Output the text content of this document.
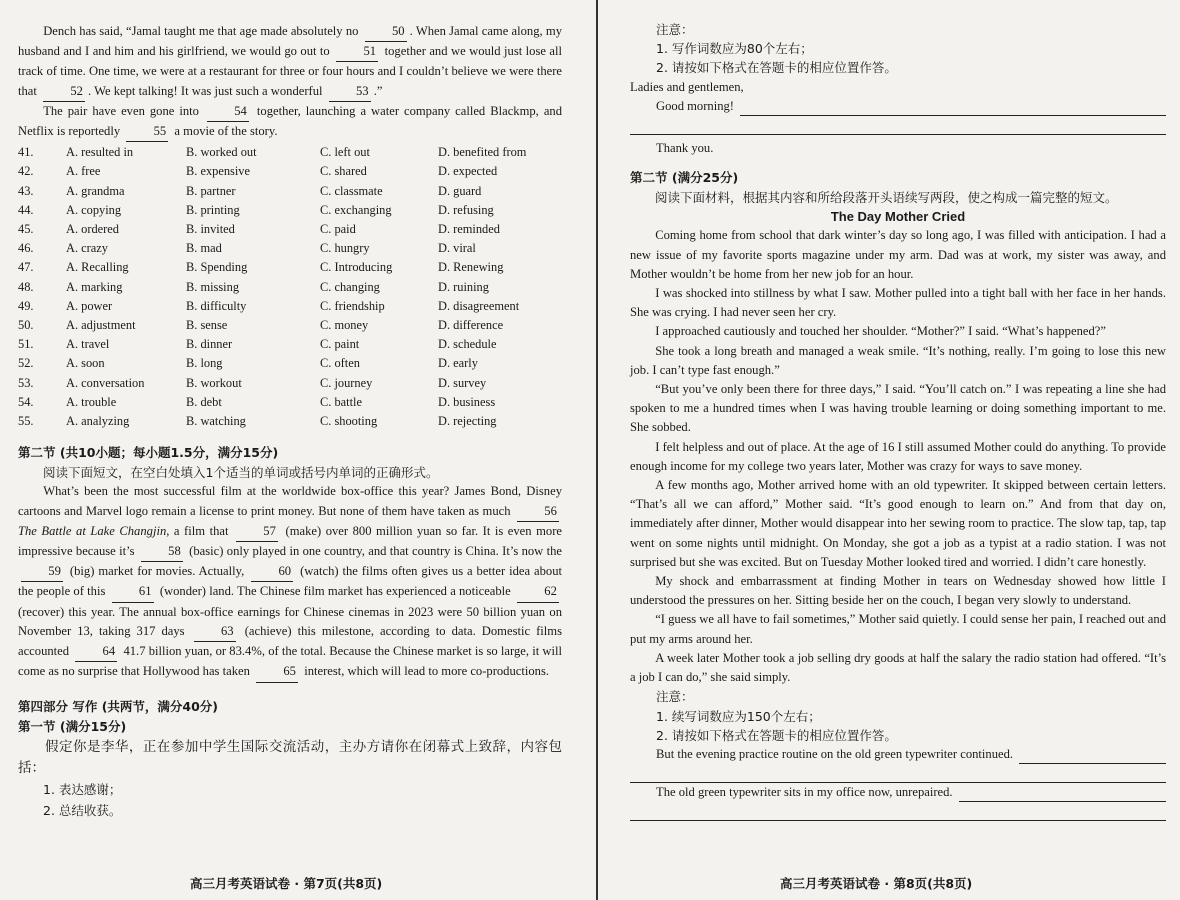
Dench has said, “Jamal taught me that age made absolutely no 50 . When Jamal came along, my husband and I and him and his girlfriend, we would go out to 51 together and we would just lose all track of time. One time, we were at a restaurant for three or four hours and I couldn’t believe we were there that 52 . We kept talking! It was just such a wonderful 53 .”

The pair have even gone into 54 together, launching a water company called Blackmp, and Netflix is reportedly 55 a movie of the story.

41.	A. resulted in	B. worked out	C. left out	D. benefited from
42.	A. free	B. expensive	C. shared	D. expected
43.	A. grandma	B. partner	C. classmate	D. guard
44.	A. copying	B. printing	C. exchanging	D. refusing
45.	A. ordered	B. invited	C. paid	D. reminded
46.	A. crazy	B. mad	C. hungry	D. viral
47.	A. Recalling	B. Spending	C. Introducing	D. Renewing
48.	A. marking	B. missing	C. changing	D. ruining
49.	A. power	B. difficulty	C. friendship	D. disagreement
50.	A. adjustment	B. sense	C. money	D. difference
51.	A. travel	B. dinner	C. paint	D. schedule
52.	A. soon	B. long	C. often	D. early
53.	A. conversation	B. workout	C. journey	D. survey
54.	A. trouble	B. debt	C. battle	D. business
55.	A. analyzing	B. watching	C. shooting	D. rejecting

第二节 (共10小题；每小题1.5分，满分15分)

阅读下面短文，在空白处填入1个适当的单词或括号内单词的正确形式。

What’s been the most successful film at the worldwide box-office this year? James Bond, Disney cartoons and Marvel logo remain a license to print money. But none of them have taken as much 56 The Battle at Lake Changjin, a film that 57 (make) over 800 million yuan so far. It is even more impressive because it’s 58 (basic) only played in one country, and that country is China. It’s now the 59 (big) market for movies. Actually, 60 (watch) the films often gives us a better idea about the people of this 61 (wonder) land. The Chinese film market has experienced a noticeable 62 (recover) this year. The annual box-office earnings for Chinese cinemas in 2023 were 50 billion yuan on November 13, taking 317 days 63 (achieve) this milestone, according to data. Domestic films accounted 64 41.7 billion yuan, or 83.4%, of the total. Because the Chinese market is so large, it will come as no surprise that Hollywood has taken 65 interest, which will lead to more co-productions.

第四部分 写作 (共两节，满分40分)

第一节 (满分15分)

假定你是李华，正在参加中学生国际交流活动，主办方请你在闭幕式上致辞，内容包括：

1. 表达感谢；

2. 总结收获。

高三月考英语试卷 · 第7页(共8页)

注意：

1. 写作词数应为80个左右；

2. 请按如下格式在答题卡的相应位置作答。

Ladies and gentlemen,

Good morning!

Thank you.

第二节 (满分25分)

阅读下面材料，根据其内容和所给段落开头语续写两段，使之构成一篇完整的短文。

The Day Mother Cried

Coming home from school that dark winter’s day so long ago, I was filled with anticipation. I had a new issue of my favorite sports magazine under my arm. Dad was at work, my sister was away, and Mother wouldn’t be home from her new job for an hour.

I was shocked into stillness by what I saw. Mother pulled into a tight ball with her face in her hands. She was crying. I had never seen her cry.

I approached cautiously and touched her shoulder. “Mother?” I said. “What’s happened?”

She took a long breath and managed a weak smile. “It’s nothing, really. I’m going to lose this new job. I can’t type fast enough.”

“But you’ve only been there for three days,” I said. “You’ll catch on.” I was repeating a line she had spoken to me a hundred times when I was having trouble learning or doing something important to me. She sobbed.

I felt helpless and out of place. At the age of 16 I still assumed Mother could do anything. To provide enough income for my college two years later, Mother was crazy for ways to save money.

A few months ago, Mother arrived home with an old typewriter. It skipped between certain letters. “That’s all we can afford,” Mother said. “It’s good enough to learn on.” And from that day on, immediately after dinner, Mother would disappear into her sewing room to practice. The slow tap, tap, tap went on some nights until midnight. On Monday, she got a job as a typist at a radio station. I was not surprised but she was excited. But on Tuesday Mother looked tired and worried. I didn’t care honestly.

My shock and embarrassment at finding Mother in tears on Wednesday showed how little I understood the pressures on her. Sitting beside her on the couch, I began very slowly to understand.

“I guess we all have to fail sometimes,” Mother said quietly. I could sense her pain, I reached out and put my arms around her.

A week later Mother took a job selling dry goods at half the salary the radio station had offered. “It’s a job I can do,” she said simply.

注意：

1. 续写词数应为150个左右；

2. 请按如下格式在答题卡的相应位置作答。

But the evening practice routine on the old green typewriter continued.
The old green typewriter sits in my office now, unrepaired.
高三月考英语试卷 · 第8页(共8页)
